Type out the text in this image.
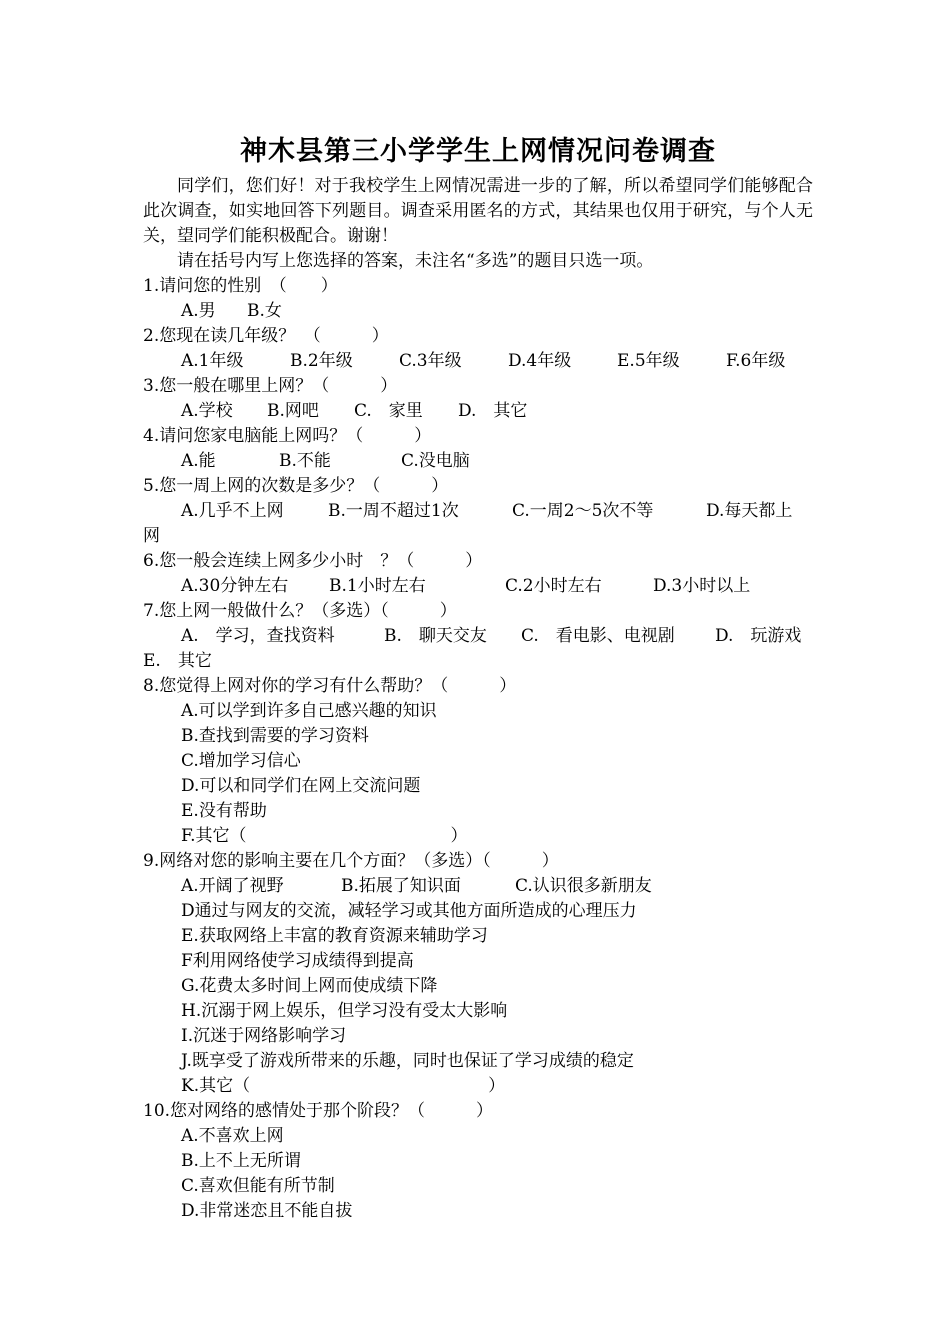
神木县第三小学学生上网情况问卷调查

同学们，您们好！对于我校学生上网情况需进一步的了解，所以希望同学们能够配合此次调查，如实地回答下列题目。调查采用匿名的方式，其结果也仅用于研究，与个人无关，望同学们能积极配合。谢谢！

请在括号内写上您选择的答案，未注名“多选”的题目只选一项。

1.请问您的性别　（　　）
A.男 B.女
2.您现在读几年级？　（　　　）
A.1年级	B.2年级	C.3年级	D.4年级	E.5年级	F.6年级
3.您一般在哪里上网？（　　　）
A.学校 B.网吧 C.　家里 D.　其它
4.请问您家电脑能上网吗？（　　　）
A.能	B.不能	C.没电脑
5.您一周上网的次数是多少？（　　　）
A.几乎不上网	B.一周不超过1次	C.一周2～5次不等	D.每天都上
网
6.您一般会连续上网多少小时　？（　　　）
A.30分钟左右 B.1小时左右	C.2小时左右	D.3小时以上
7.您上网一般做什么？（多选）（　　　）
A.　学习，查找资料	B.　聊天交友 C.　看电影、电视剧 D.　玩游戏
E.　其它
8.您觉得上网对你的学习有什么帮助？（　　　）
A.可以学到许多自己感兴趣的知识
B.查找到需要的学习资料
C.增加学习信心
D.可以和同学们在网上交流问题
E.没有帮助
F.其它（　　　　　　　　　　　　）
9.网络对您的影响主要在几个方面？（多选）（　　　）
A.开阔了视野	B.拓展了知识面	C.认识很多新朋友
D通过与网友的交流，减轻学习或其他方面所造成的心理压力
E.获取网络上丰富的教育资源来辅助学习
F利用网络使学习成绩得到提高
G.花费太多时间上网而使成绩下降
H.沉溺于网上娱乐，但学习没有受太大影响
I.沉迷于网络影响学习
J.既享受了游戏所带来的乐趣，同时也保证了学习成绩的稳定
K.其它（　　　　　　　　　　　　　　）
10.您对网络的感情处于那个阶段？（　　　）
A.不喜欢上网
B.上不上无所谓
C.喜欢但能有所节制
D.非常迷恋且不能自拔
